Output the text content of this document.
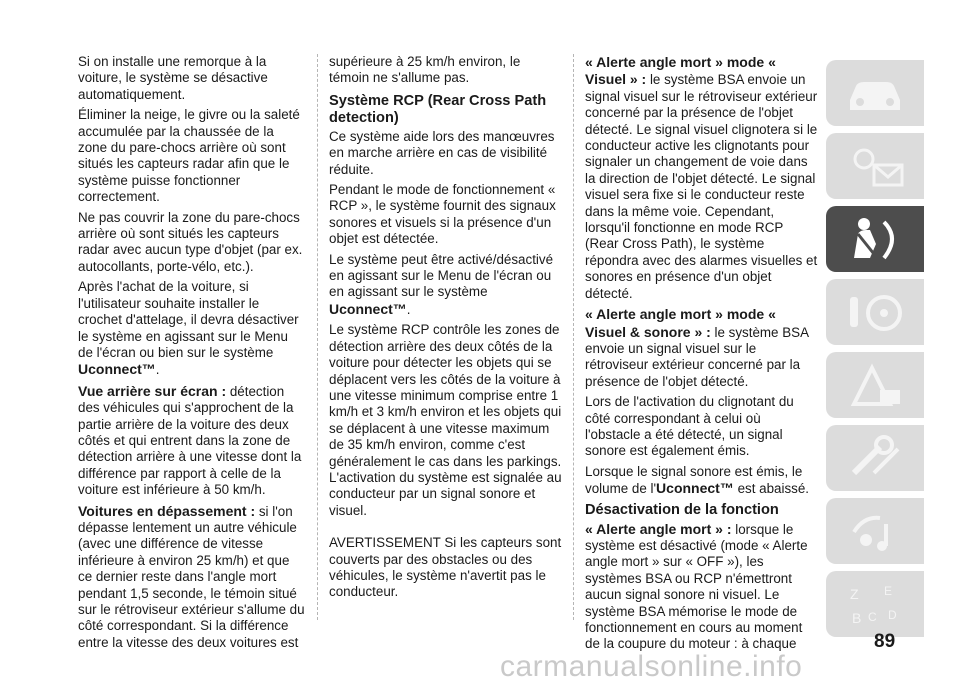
Si on installe une remorque à la voiture, le système se désactive automatiquement.

Éliminer la neige, le givre ou la saleté accumulée par la chaussée de la zone du pare-chocs arrière où sont situés les capteurs radar afin que le système puisse fonctionner correctement.

Ne pas couvrir la zone du pare-chocs arrière où sont situés les capteurs radar avec aucun type d'objet (par ex. autocollants, porte-vélo, etc.).

Après l'achat de la voiture, si l'utilisateur souhaite installer le crochet d'attelage, il devra désactiver le système en agissant sur le Menu de l'écran ou bien sur le système
Uconnect™.

Vue arrière sur écran : détection des véhicules qui s'approchent de la partie arrière de la voiture des deux côtés et qui entrent dans la zone de détection arrière à une vitesse dont la différence par rapport à celle de la voiture est inférieure à 50 km/h.

Voitures en dépassement : si l'on dépasse lentement un autre véhicule (avec une différence de vitesse inférieure à environ 25 km/h) et que ce dernier reste dans l'angle mort pendant 1,5 seconde, le témoin situé sur le rétroviseur extérieur s'allume du côté correspondant. Si la différence entre la vitesse des deux voitures est

supérieure à 25 km/h environ, le témoin ne s'allume pas.

Système RCP (Rear Cross Path detection)

Ce système aide lors des manœuvres en marche arrière en cas de visibilité réduite.

Pendant le mode de fonctionnement « RCP », le système fournit des signaux sonores et visuels si la présence d'un objet est détectée.

Le système peut être activé/désactivé en agissant sur le Menu de l'écran ou en agissant sur le système
Uconnect™.

Le système RCP contrôle les zones de détection arrière des deux côtés de la voiture pour détecter les objets qui se déplacent vers les côtés de la voiture à une vitesse minimum comprise entre 1 km/h et 3 km/h environ et les objets qui se déplacent à une vitesse maximum de 35 km/h environ, comme c'est généralement le cas dans les parkings. L'activation du système est signalée au conducteur par un signal sonore et visuel.

AVERTISSEMENT Si les capteurs sont couverts par des obstacles ou des véhicules, le système n'avertit pas le conducteur.

« Alerte angle mort » mode « Visuel » : le système BSA envoie un signal visuel sur le rétroviseur extérieur concerné par la présence de l'objet détecté. Le signal visuel clignotera si le conducteur active les clignotants pour signaler un changement de voie dans la direction de l'objet détecté. Le signal visuel sera fixe si le conducteur reste dans la même voie. Cependant, lorsqu'il fonctionne en mode RCP (Rear Cross Path), le système répondra avec des alarmes visuelles et sonores en présence d'un objet détecté.

« Alerte angle mort » mode « Visuel & sonore » : le système BSA envoie un signal visuel sur le rétroviseur extérieur concerné par la présence de l'objet détecté.

Lors de l'activation du clignotant du côté correspondant à celui où l'obstacle a été détecté, un signal sonore est également émis.

Lorsque le signal sonore est émis, le volume de l'Uconnect™ est abaissé.

Désactivation de la fonction

« Alerte angle mort » : lorsque le système est désactivé (mode « Alerte angle mort » sur « OFF »), les systèmes BSA ou RCP n'émettront aucun signal sonore ni visuel. Le système BSA mémorise le mode de fonctionnement en cours au moment de la coupure du moteur : à chaque

Z E
B C D
89
carmanualsonline.info
